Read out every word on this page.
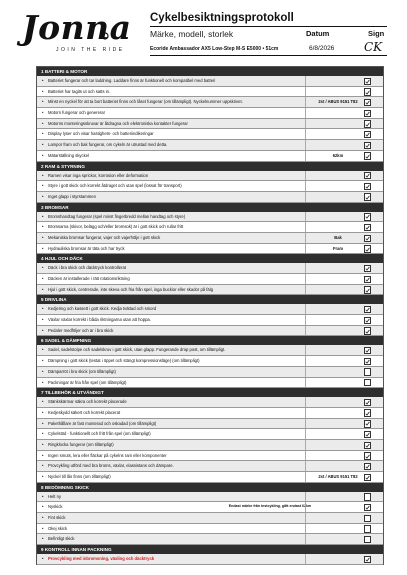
Jonna
JOIN THE RIDE
Cykelbesiktningsprotokoll
Märke, modell, storlek
Ecoride Ambassador AX5 Low-Step M-S E5000 • 51cm
Datum
6/8/2026
Sign
CK
1 BATTERI & MOTOR
• Batteriet fungerar och tar laddning. Laddare finns är funktionell och kompatibel med batteri
• Batteriet har tagits ut och satts in.
• Minst en nyckel för att ta bort batteriet finns och låset fungerar (om tillämpligt). Nyckelnummer uppskrivet.	2st / ABUS 9151 T82
• Motorn fungerar och genererar
• Motorns monteringsskruvar är åtdragna och elektroniska kontakter fungerar
• Display lyser och visar hastighets- och batteriindikeringar
• Lampor fram och bak fungerar, om cykeln är utrustad med detta.
• Mätarställning skyckel	62km
2 RAM & STYRNING
• Ramen visar inga sprickor, korrosion eller deformation
• Styre i gott skick och korrekt åtdraget och utan spel (lossat för transport)
• Inget glapp i styrstammen
3 BROMSAR
• Bromshandtag fungerar (spel minst fingerbredd mellan handtag och styre)
• Bromsarna (skivor, belägg och/eller bromsok) är i gott skick och rullar fritt
• Mekaniska bromsar fungerar, vajer och vajerhölje i gott skick	Bak
• Hydrauliska bromsar är täta och har tryck	Fram
4 HJUL OCH DÄCK
• Däck i bra skick och däcktryck kontrollerat
• Däcken är installerade i rätt rotationsriktning
• Hjul i gott skick, centrerade, inte skeva och fria från spel, inga buckior eller skador på fälg
5 DRIVLINA
• Kedjering och kassett i gott skick. Kedja tvättad och smord
• Växlar växlar korrekt i båda riktningarna utan att hoppa.
• Pedaler medföljer och är i bra skick
6 SADEL & DÄMPNING
• Sadel, sadelstolpe och sadelskruv i gott skick, utan glapp. Fungerande drop post, om tillämpligt.
• Dämpning i gott skick (testat i öppet och stängt kompressionsläge) (om tillämpligt)
• Dämparröt i bra skick (om tillämpligt)
• Packningar är fria från spel (om tillämpligt)
7 TILLBEHÖR & UTVÄNDIGT
• Stänkskärmar säkra och korrekt placerade
• Kedjeskydd säkert och korrekt placerat
• Pakethållare är fast monterad och oskadad (om tillämpligt)
• Cykelstöd - funktionellt och fritt från spel (om tillämpligt)
• Ringklocka fungerar (om tillämpligt)
• Ingen smuts, lera eller fläckar på cykelns ram eller komponenter
• Provcykling utförd med bra broms, växlar, elassistans och dämpare.
• Nyckel till lås finns (om tillämpligt)	2st / ABUS 9151 T82
8 BEDÖMNING SKICK
• Helt ny
• Nyskick	Endast märke från testcykling, gått endast 62km
• Fint skick
• Okej skick
• Befintligt skick
9 KONTROLL INNAN PACKNING
• Provcykling med inbromsning, växling och däcktryck
